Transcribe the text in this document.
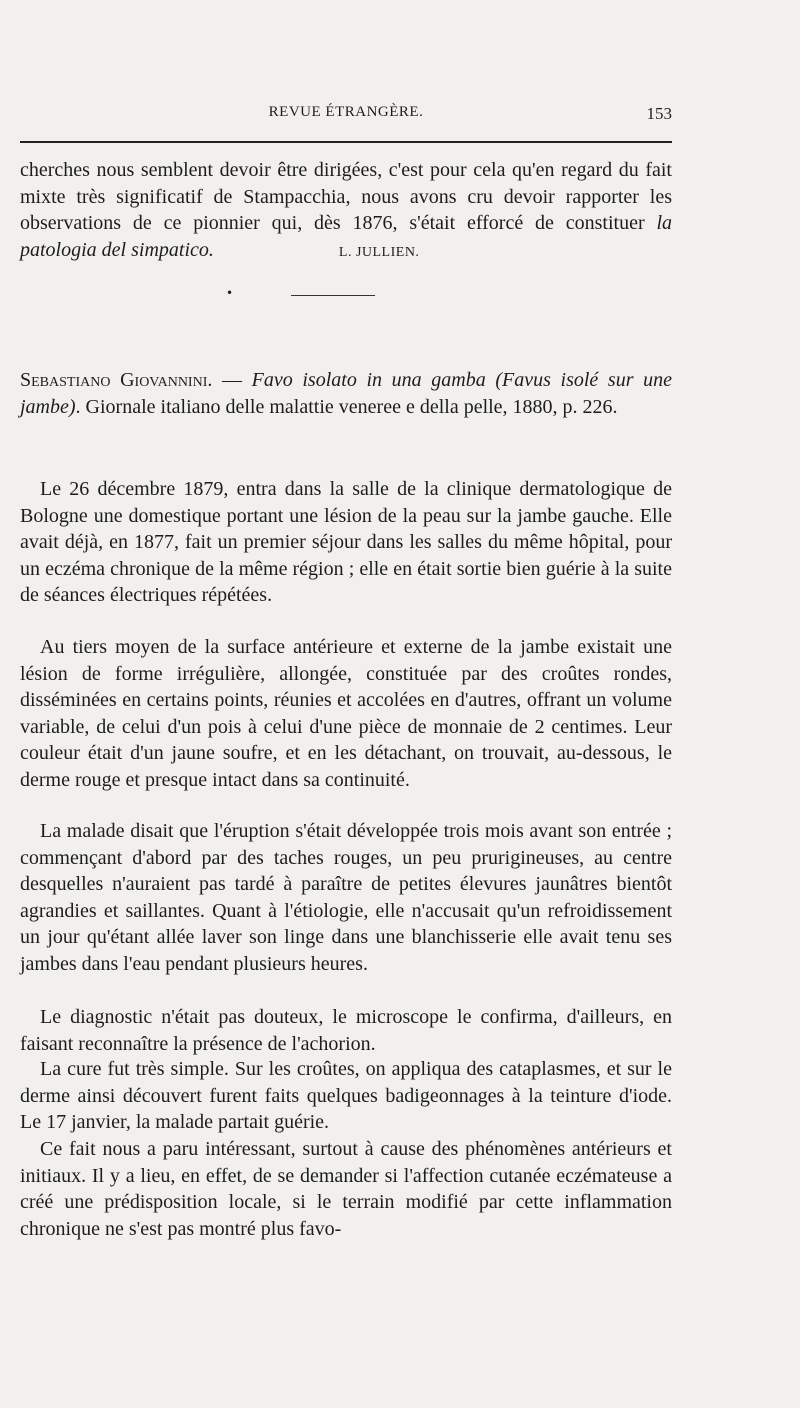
REVUE ÉTRANGÈRE.	153

cherches nous semblent devoir être dirigées, c'est pour cela qu'en regard du fait mixte très significatif de Stampacchia, nous avons cru devoir rapporter les observations de ce pionnier qui, dès 1876, s'était efforcé de constituer la patologia del simpatico.	L. JULLIEN.

•

Sebastiano Giovannini. — Favo isolato in una gamba (Favus isolé sur une jambe). Giornale italiano delle malattie veneree e della pelle, 1880, p. 226.

Le 26 décembre 1879, entra dans la salle de la clinique dermatologique de Bologne une domestique portant une lésion de la peau sur la jambe gauche. Elle avait déjà, en 1877, fait un premier séjour dans les salles du même hôpital, pour un eczéma chronique de la même région ; elle en était sortie bien guérie à la suite de séances électriques répétées.

Au tiers moyen de la surface antérieure et externe de la jambe existait une lésion de forme irrégulière, allongée, constituée par des croûtes rondes, disséminées en certains points, réunies et accolées en d'autres, offrant un volume variable, de celui d'un pois à celui d'une pièce de monnaie de 2 centimes. Leur couleur était d'un jaune soufre, et en les détachant, on trouvait, au-dessous, le derme rouge et presque intact dans sa continuité.

La malade disait que l'éruption s'était développée trois mois avant son entrée ; commençant d'abord par des taches rouges, un peu prurigineuses, au centre desquelles n'auraient pas tardé à paraître de petites élevures jaunâtres bientôt agrandies et saillantes. Quant à l'étiologie, elle n'accusait qu'un refroidissement un jour qu'étant allée laver son linge dans une blanchisserie elle avait tenu ses jambes dans l'eau pendant plusieurs heures.

Le diagnostic n'était pas douteux, le microscope le confirma, d'ailleurs, en faisant reconnaître la présence de l'achorion.

La cure fut très simple. Sur les croûtes, on appliqua des cataplasmes, et sur le derme ainsi découvert furent faits quelques badigeonnages à la teinture d'iode. Le 17 janvier, la malade partait guérie.

Ce fait nous a paru intéressant, surtout à cause des phénomènes antérieurs et initiaux. Il y a lieu, en effet, de se demander si l'affection cutanée eczémateuse a créé une prédisposition locale, si le terrain modifié par cette inflammation chronique ne s'est pas montré plus favo-
